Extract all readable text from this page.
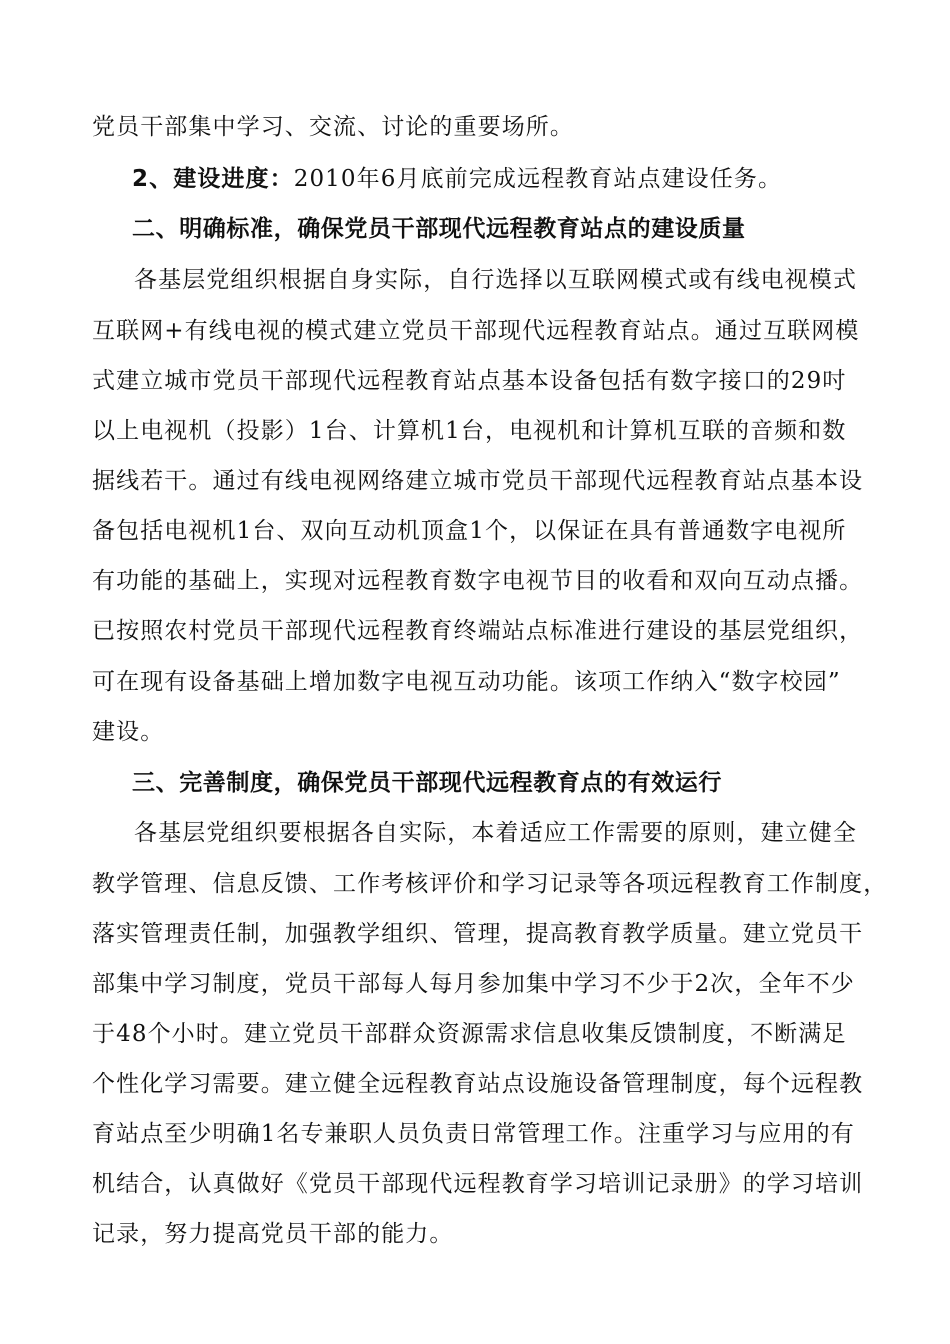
党员干部集中学习、交流、讨论的重要场所。
2、建设进度：2010年6月底前完成远程教育站点建设任务。
二、明确标准，确保党员干部现代远程教育站点的建设质量
各基层党组织根据自身实际，自行选择以互联网模式或有线电视模式
互联网+有线电视的模式建立党员干部现代远程教育站点。通过互联网模
式建立城市党员干部现代远程教育站点基本设备包括有数字接口的29吋
以上电视机（投影）1台、计算机1台，电视机和计算机互联的音频和数
据线若干。通过有线电视网络建立城市党员干部现代远程教育站点基本设
备包括电视机1台、双向互动机顶盒1个，以保证在具有普通数字电视所
有功能的基础上，实现对远程教育数字电视节目的收看和双向互动点播。
已按照农村党员干部现代远程教育终端站点标准进行建设的基层党组织，
可在现有设备基础上增加数字电视互动功能。该项工作纳入“数字校园”
建设。
三、完善制度，确保党员干部现代远程教育点的有效运行
各基层党组织要根据各自实际，本着适应工作需要的原则，建立健全
教学管理、信息反馈、工作考核评价和学习记录等各项远程教育工作制度，
落实管理责任制，加强教学组织、管理，提高教育教学质量。建立党员干
部集中学习制度，党员干部每人每月参加集中学习不少于2次，全年不少
于48个小时。建立党员干部群众资源需求信息收集反馈制度，不断满足
个性化学习需要。建立健全远程教育站点设施设备管理制度，每个远程教
育站点至少明确1名专兼职人员负责日常管理工作。注重学习与应用的有
机结合，认真做好《党员干部现代远程教育学习培训记录册》的学习培训
记录，努力提高党员干部的能力。
